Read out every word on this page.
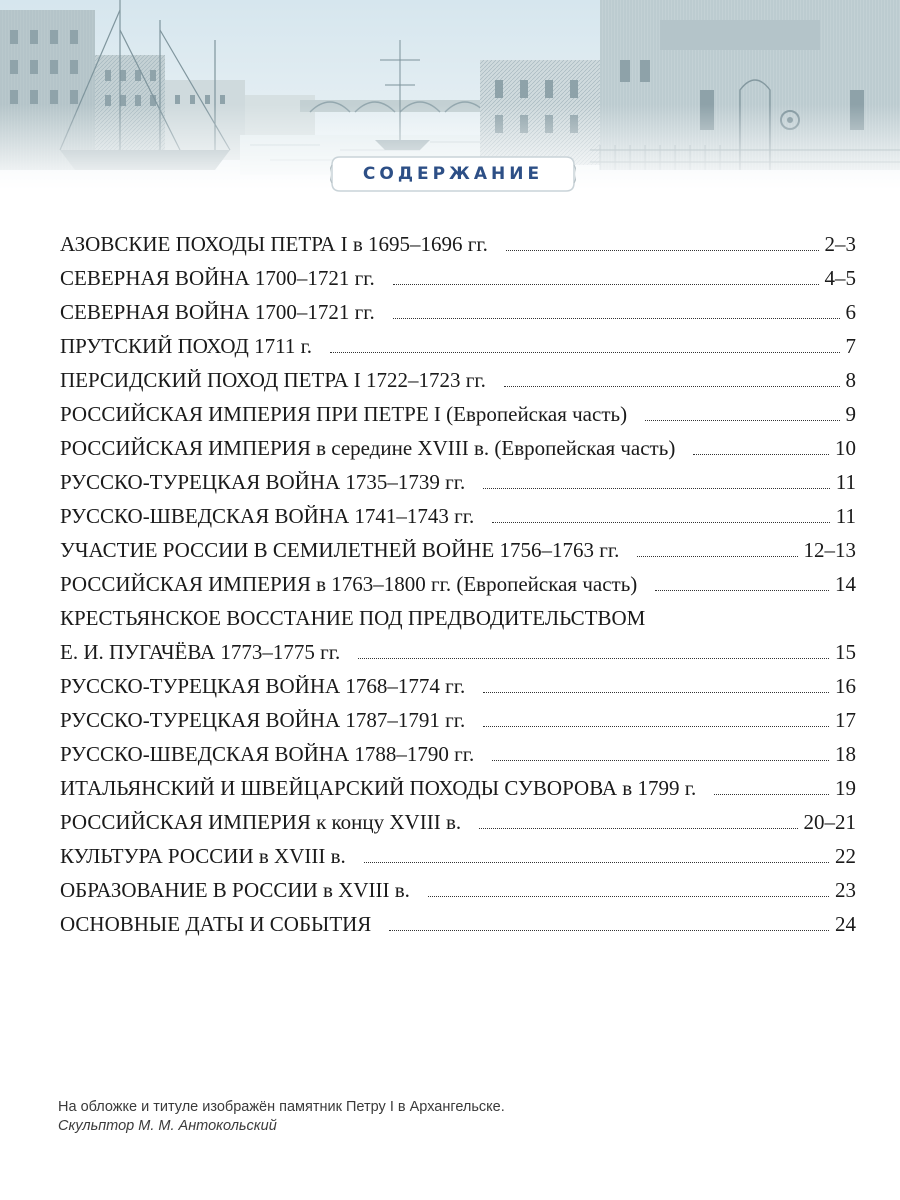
СОДЕРЖАНИЕ
АЗОВСКИЕ ПОХОДЫ ПЕТРА I в 1695–1696 гг.	2–3
СЕВЕРНАЯ ВОЙНА 1700–1721 гг.	4–5
СЕВЕРНАЯ ВОЙНА 1700–1721 гг.	6
ПРУТСКИЙ ПОХОД 1711 г.	7
ПЕРСИДСКИЙ ПОХОД ПЕТРА I 1722–1723 гг.	8
РОССИЙСКАЯ ИМПЕРИЯ ПРИ ПЕТРЕ I (Европейская часть)	9
РОССИЙСКАЯ ИМПЕРИЯ в середине XVIII в. (Европейская часть)	10
РУССКО-ТУРЕЦКАЯ ВОЙНА 1735–1739 гг.	11
РУССКО-ШВЕДСКАЯ ВОЙНА 1741–1743 гг.	11
УЧАСТИЕ РОССИИ В СЕМИЛЕТНЕЙ ВОЙНЕ 1756–1763 гг.	12–13
РОССИЙСКАЯ ИМПЕРИЯ в 1763–1800 гг. (Европейская часть)	14
КРЕСТЬЯНСКОЕ ВОССТАНИЕ ПОД ПРЕДВОДИТЕЛЬСТВОМ
Е. И. ПУГАЧЁВА 1773–1775 гг.	15
РУССКО-ТУРЕЦКАЯ ВОЙНА 1768–1774 гг.	16
РУССКО-ТУРЕЦКАЯ ВОЙНА 1787–1791 гг.	17
РУССКО-ШВЕДСКАЯ ВОЙНА 1788–1790 гг.	18
ИТАЛЬЯНСКИЙ И ШВЕЙЦАРСКИЙ ПОХОДЫ СУВОРОВА в 1799 г.	19
РОССИЙСКАЯ ИМПЕРИЯ к концу XVIII в.	20–21
КУЛЬТУРА РОССИИ в XVIII в.	22
ОБРАЗОВАНИЕ В РОССИИ в XVIII в.	23
ОСНОВНЫЕ ДАТЫ И СОБЫТИЯ	24
На обложке и титуле изображён памятник Петру I в Архангельске.
Скульптор М. М. Антокольский
